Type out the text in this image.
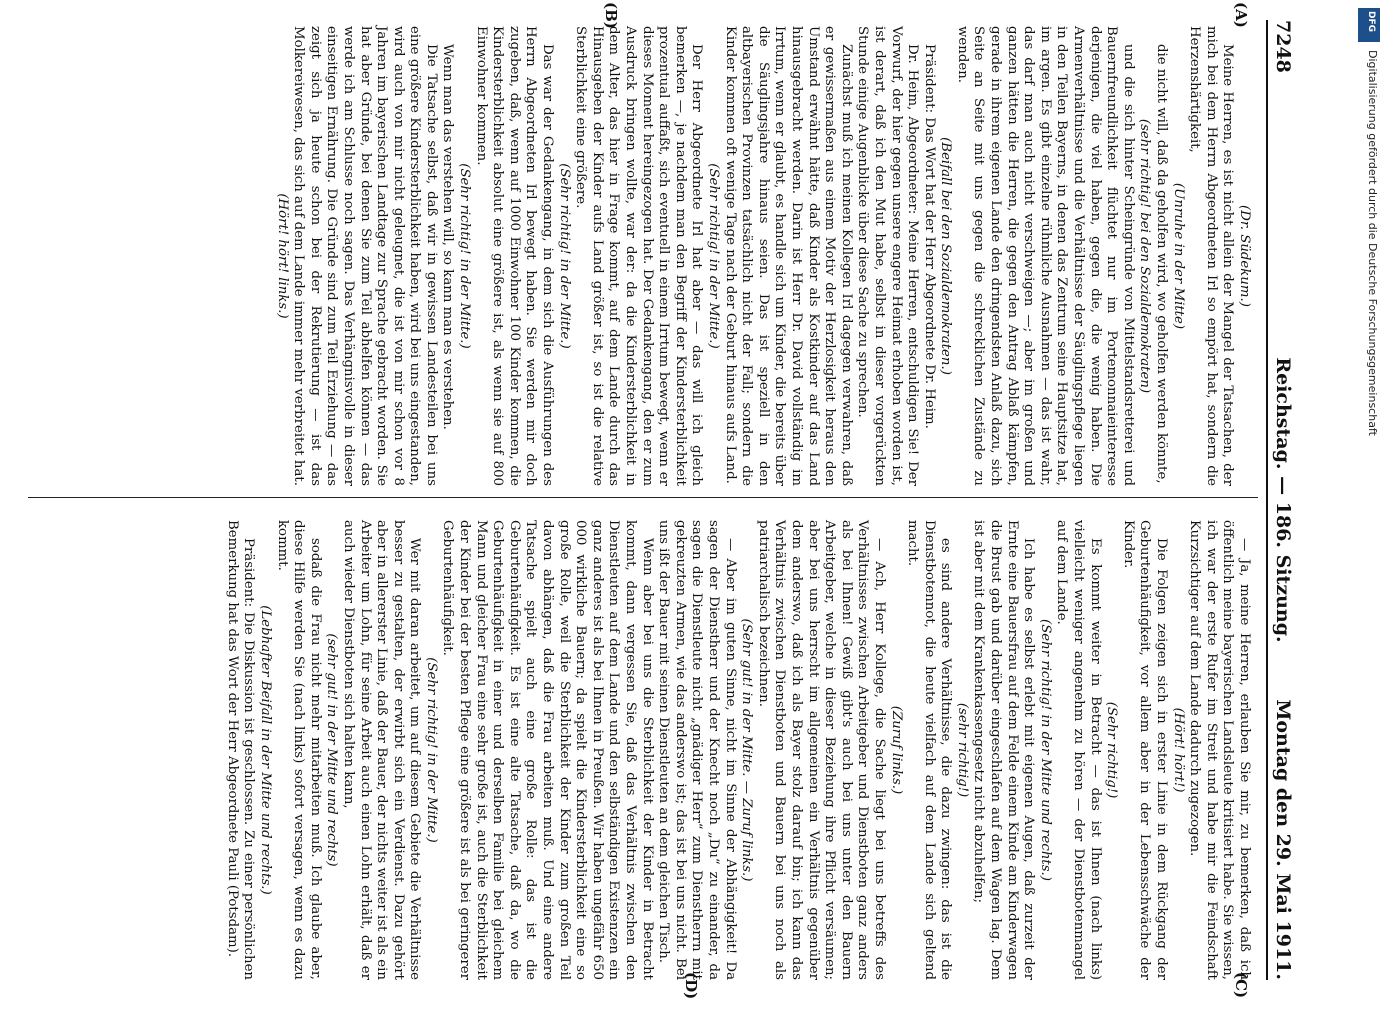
7248
Reichstag. — 186. Sitzung.
Montag den 29. Mai 1911.
(A)
(B)
(C)
(D)

(Dr. Südekum.)

Meine Herren, es ist nicht allein der Mangel der Tatsachen, der mich bei dem Herrn Abgeordneten Irl so empört hat, sondern die Herzenshärtigkeit,

(Unruhe in der Mitte)

die nicht will, daß da geholfen wird, wo geholfen werden könnte,

(sehr richtig! bei den Sozialdemokraten)

und die sich hinter Scheingründe von Mittelstandsretterei und Bauernfreundlichkeit flüchtet nur im Portemonnaieinteresse derjenigen, die viel haben, gegen die, die wenig haben. Die Armenverhältnisse und die Verhältnisse der Säuglingspflege liegen in den Teilen Bayerns, in denen das Zentrum seine Hauptsitze hat, im argen. Es gibt einzelne rühmliche Ausnahmen — das ist wahr, das darf man auch nicht verschweigen —; aber im großen und ganzen hätten die Herren, die gegen den Antrag Ablaß kämpfen, gerade in ihrem eigenen Lande den dringendsten Anlaß dazu, sich Seite an Seite mit uns gegen die schrecklichen Zustände zu wenden.

(Beifall bei den Sozialdemokraten.)

Präsident: Das Wort hat der Herr Abgeordnete Dr. Heim.

Dr. Heim, Abgeordneter: Meine Herren, entschuldigen Sie! Der Vorwurf, der hier gegen unsere engere Heimat erhoben worden ist, ist derart, daß ich den Mut habe, selbst in dieser vorgerückten Stunde einige Augenblicke über diese Sache zu sprechen.

Zunächst muß ich meinen Kollegen Irl dagegen verwahren, daß er gewissermaßen aus einem Motiv der Herzlosigkeit heraus den Umstand erwähnt hätte, daß Kinder als Kostkinder auf das Land hinausgebracht werden. Darin ist Herr Dr. David vollständig im Irrtum, wenn er glaubt, es handle sich um Kinder, die bereits über die Säuglingsjahre hinaus seien. Das ist speziell in den altbayerischen Provinzen tatsächlich nicht der Fall; sondern die Kinder kommen oft wenige Tage nach der Geburt hinaus aufs Land.

(Sehr richtig! in der Mitte.)

Der Herr Abgeordnete Irl hat aber — das will ich gleich bemerken —, je nachdem man den Begriff der Kindersterblichkeit prozentual auffaßt, sich eventuell in einem Irrtum bewegt, wenn er dieses Moment hereingezogen hat. Der Gedankengang, den er zum Ausdruck bringen wollte, war der: da die Kindersterblichkeit in dem Alter, das hier in Frage kommt, auf dem Lande durch das Hinausgeben der Kinder aufs Land größer ist, so ist die relative Sterblichkeit eine größere.

(Sehr richtig! in der Mitte.)

Das war der Gedankengang, in dem sich die Ausführungen des Herrn Abgeordneten Irl bewegt haben. Sie werden mir doch zugeben, daß, wenn auf 1000 Einwohner 100 Kinder kommen, die Kindersterblichkeit absolut eine größere ist, als wenn sie auf 800 Einwohner kommen.

(Sehr richtig! in der Mitte.)

Wenn man das verstehen will, so kann man es verstehen.

Die Tatsache selbst, daß wir in gewissen Landesteilen bei uns eine größere Kindersterblichkeit haben, wird bei uns eingestanden, wird auch von mir nicht geleugnet, die ist von mir schon vor 8 Jahren im bayerischen Landtage zur Sprache gebracht worden. Sie hat aber Gründe, bei denen Sie zum Teil abhelfen können — das werde ich am Schlusse noch sagen. Das Verhängnisvolle in dieser einseitigen Ernährung. Die Gründe sind zum Teil Erziehung — das zeigt sich ja heute schon bei der Rekrutierung — ist das Molkereiwesen, das sich auf dem Lande immer mehr verbreitet hat.

(Hört! hört! links.)

— Ja, meine Herren, erlauben Sie mir, zu bemerken, daß ich öffentlich meine bayerischen Landsleute kritisiert habe. Sie wissen, ich war der erste Rufer im Streit und habe mir die Feindschaft Kurzsichtiger auf dem Lande dadurch zugezogen.

(Hört! hört!)

Die Folgen zeigen sich in erster Linie in dem Rückgang der Geburtenhäufigkeit, vor allem aber in der Lebensschwäche der Kinder.

(Sehr richtig!)

Es kommt weiter in Betracht — das ist Ihnen (nach links) vielleicht weniger angenehm zu hören — der Dienstbotenmangel auf dem Lande.

(Sehr richtig! in der Mitte und rechts.)

Ich habe es selbst erlebt mit eigenen Augen, daß zurzeit der Ernte eine Bauersfrau auf dem Felde einem Kinde am Kinderwagen die Brust gab und darüber eingeschlafen auf dem Wagen lag. Dem ist aber mit dem Krankenkassengesetz nicht abzuhelfen;

(sehr richtig!)

es sind andere Verhältnisse, die dazu zwingen: das ist die Dienstbotennot, die heute vielfach auf dem Lande sich geltend macht.

(Zuruf links.)

— Ach, Herr Kollege, die Sache liegt bei uns betreffs des Verhältnisses zwischen Arbeitgeber und Dienstboten ganz anders als bei Ihnen! Gewiß gibt's auch bei uns unter den Bauern Arbeitgeber, welche in dieser Beziehung ihre Pflicht versäumen; aber bei uns herrscht im allgemeinen ein Verhältnis gegenüber dem anderswo, daß ich als Bayer stolz darauf bin; ich kann das Verhältnis zwischen Dienstboten und Bauern bei uns noch als patriarchalisch bezeichnen.

(Sehr gut! in der Mitte. — Zuruf links.)

— Aber im guten Sinne, nicht im Sinne der Abhängigkeit! Da sagen der Dienstherr und der Knecht noch „Du“ zu einander, da sagen die Dienstleute nicht „gnädiger Herr“ zum Dienstherrn mit gekreuzten Armen, wie das anderswo ist; das ist bei uns nicht. Bei uns ißt der Bauer mit seinen Dienstleuten an dem gleichen Tisch.

Wenn aber bei uns die Sterblichkeit der Kinder in Betracht kommt, dann vergessen Sie, daß das Verhältnis zwischen den Dienstleuten auf dem Lande und den selbständigen Existenzen ein ganz anderes ist als bei Ihnen in Preußen. Wir haben ungefähr 650 000 wirkliche Bauern; da spielt die Kindersterblichkeit eine so große Rolle, weil die Sterblichkeit der Kinder zum großen Teil davon abhängen, daß die Frau arbeiten muß. Und eine andere Tatsache spielt auch eine große Rolle: das ist die Geburtenhäufigkeit. Es ist eine alte Tatsache, daß da, wo die Geburtenhäufigkeit in einer und derselben Familie bei gleichem Mann und gleicher Frau eine sehr große ist, auch die Sterblichkeit der Kinder bei der besten Pflege eine größere ist als bei geringerer Geburtenhäufigkeit.

(Sehr richtig! in der Mitte.)

Wer mit daran arbeitet, um auf diesem Gebiete die Verhältnisse besser zu gestalten, der erwirbt sich ein Verdienst. Dazu gehört aber in allererster Linie, daß der Bauer, der nichts weiter ist als ein Arbeiter um Lohn, für seine Arbeit auch einen Lohn erhält, daß er auch wieder Dienstboten sich halten kann,

(sehr gut! in der Mitte und rechts)

sodaß die Frau nicht mehr mitarbeiten muß. Ich glaube aber, diese Hilfe werden Sie (nach links) sofort versagen, wenn es dazu kommt.

(Lebhafter Beifall in der Mitte und rechts.)

Präsident: Die Diskussion ist geschlossen. Zu einer persönlichen Bemerkung hat das Wort der Herr Abgeordnete Pauli (Potsdam).

DFG
Digitalisierung gefördert durch die Deutsche Forschungsgemeinschaft
